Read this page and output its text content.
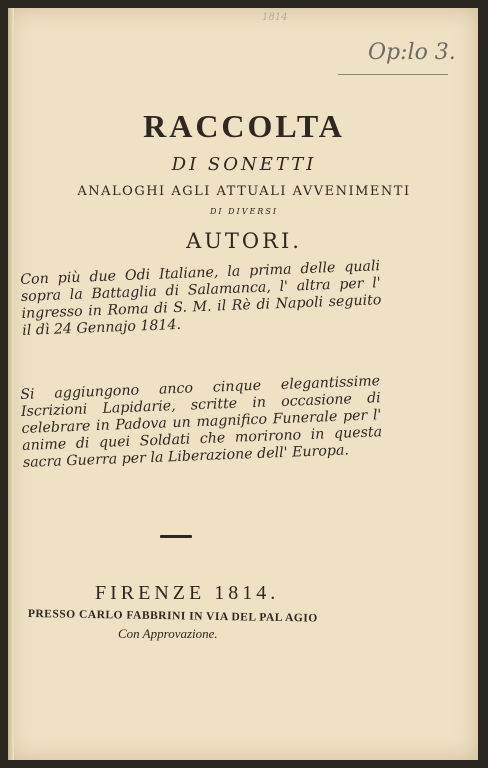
1814
Op:lo 3.
RACCOLTA
DI SONETTI
ANALOGHI AGLI ATTUALI AVVENIMENTI
DI DIVERSI
AUTORI.
Con più due Odi Italiane, la prima delle quali sopra la Battaglia di Salamanca, l' altra per l' ingresso in Roma di S. M. il Rè di Napoli seguito il dì 24 Gennajo 1814.
Si aggiungono anco cinque elegantissime Iscrizioni Lapidarie, scritte in occasione di celebrare in Padova un magnifico Funerale per l' anime di quei Soldati che morirono in questa sacra Guerra per la Liberazione dell' Europa.
FIRENZE 1814.
PRESSO CARLO FABBRINI IN VIA DEL PAL AGIO
Con Approvazione.
